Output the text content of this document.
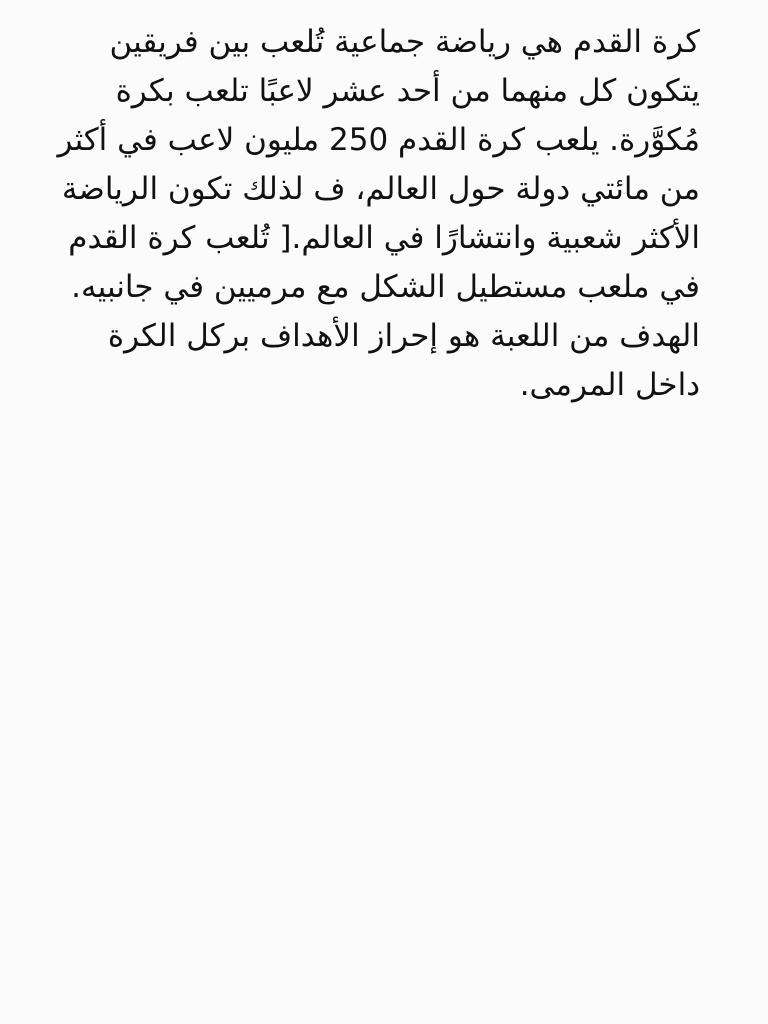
كرة القدم هي رياضة جماعية تُلعب بين فريقين
يتكون كل منهما من أحد عشر لاعبًا تلعب بكرة
مُكوَّرة. يلعب كرة القدم 250 مليون لاعب في أكثر
من مائتي دولة حول العالم، ف لذلك تكون الرياضة
الأكثر شعبية وانتشارًا في العالم.[ تُلعب كرة القدم
في ملعب مستطيل الشكل مع مرميين في جانبيه.
الهدف من اللعبة هو إحراز الأهداف بركل الكرة
داخل المرمى.
